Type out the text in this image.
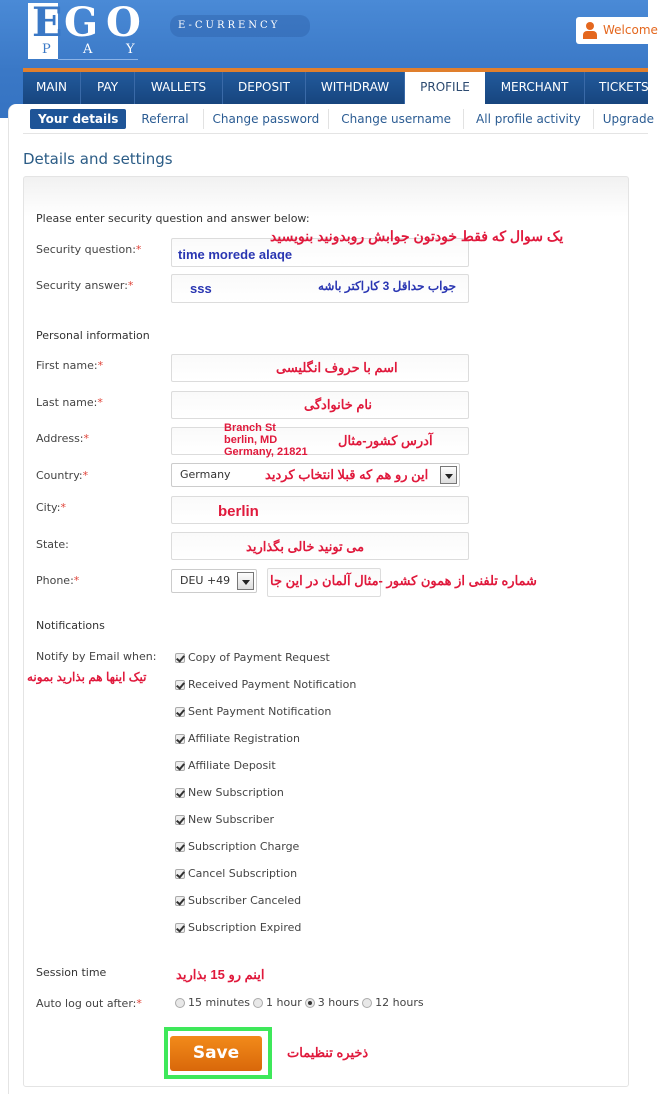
E G O
P A	Y
E-CURRENCY	Welcome
MAIN	PAY	WALLETS	DEPOSIT	WITHDRAW	PROFILE	MERCHANT	TICKETS
Your details	Referral	Change password	Change username	All profile activity	Upgrade
Details and settings
Please enter security question and answer below:
Security question:*	time morede alaqe
یک سوال که فقط خودتون جوابش روبدونید بنویسید
Security answer:*	sss	جواب حداقل 3 کاراکتر باشه
Personal information
First name:*	اسم با حروف انگلیسی
Last name:*	نام خانوادگی
Address:*
Branch St
berlin, MD
Germany, 21821
آدرس کشور-مثال
Country:*	Germany	این رو هم که قبلا انتخاب کردید
City:*	berlin
State:	می تونید خالی بگذارید
Phone:*	DEU +49	شماره تلفنی از همون کشور -مثال آلمان در این جا
Notifications
Notify by Email when:
تیک اینها هم بذارید بمونه
Copy of Payment Request
Received Payment Notification
Sent Payment Notification
Affiliate Registration
Affiliate Deposit
New Subscription
New Subscriber
Subscription Charge
Cancel Subscription
Subscriber Canceled
Subscription Expired
Session time	اینم رو 15 بذارید
Auto log out after:*	15 minutes 1 hour 3 hours 12 hours
Save	ذخیره تنظیمات
